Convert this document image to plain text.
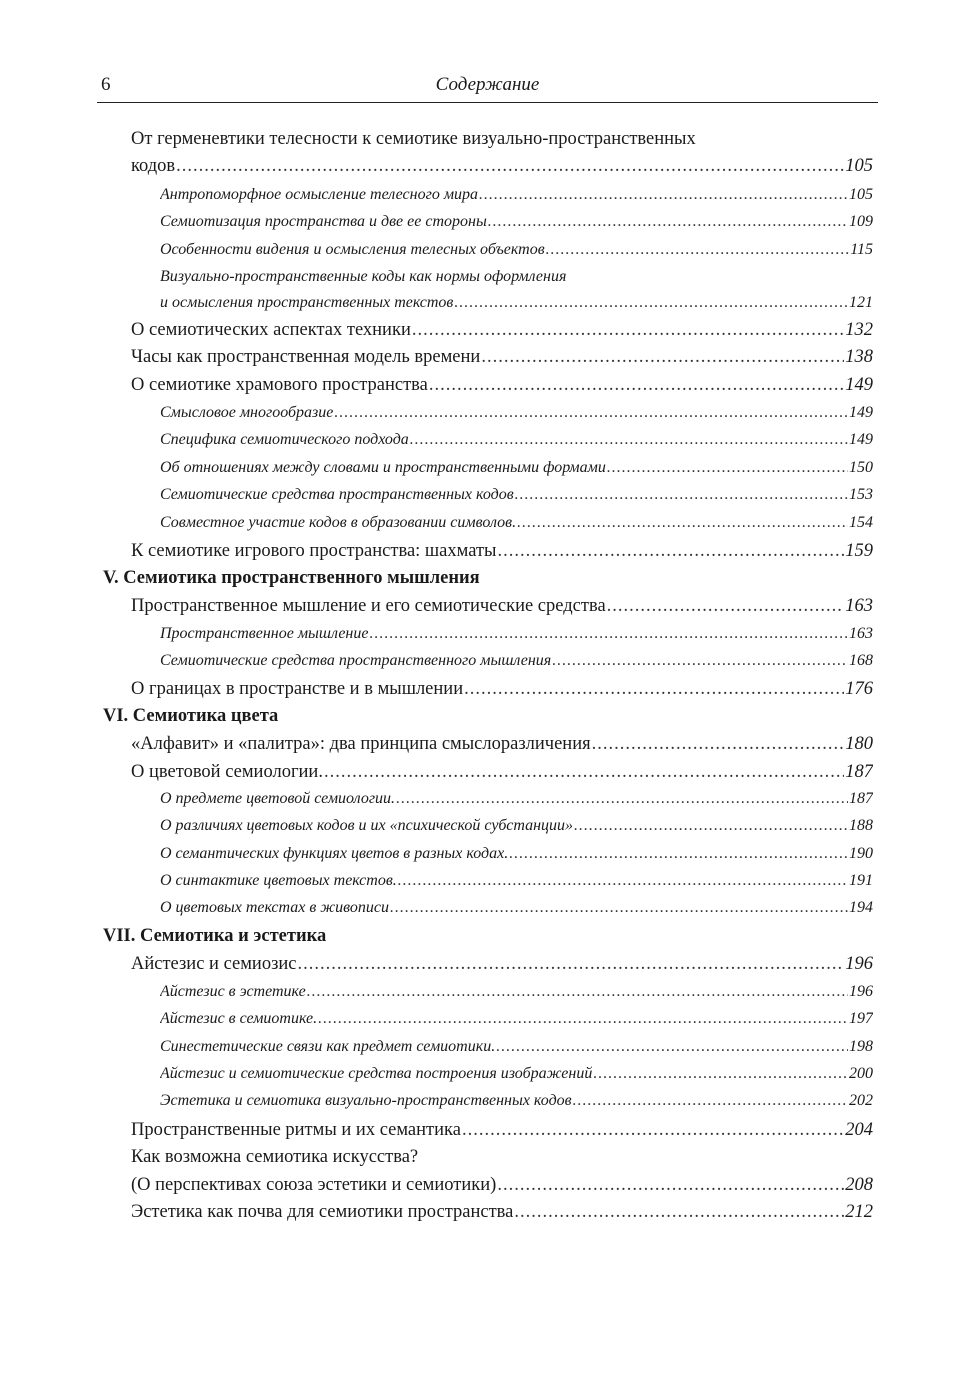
6	Содержание
От герменевтики телесности к семиотике визуально-пространственных
кодов .....	105
Антропоморфное осмысление телесного мира .....	105
Семиотизация пространства и две ее стороны .....	109
Особенности видения и осмысления телесных объектов .....	115
Визуально-пространственные коды как нормы оформления
и осмысления пространственных текстов .....	121
О семиотических аспектах техники .....	132
Часы как пространственная модель времени .....	138
О семиотике храмового пространства .....	149
Смысловое многообразие .....	149
Специфика семиотического подхода .....	149
Об отношениях между словами и пространственными формами .....	150
Семиотические средства пространственных кодов .....	153
Совместное участие кодов в образовании символов. .....	154
К семиотике игрового пространства: шахматы .....	159
V. Семиотика пространственного мышления
Пространственное мышление и его семиотические средства .....	163
Пространственное мышление .....	163
Семиотические средства пространственного мышления .....	168
О границах в пространстве и в мышлении .....	176
VI. Семиотика цвета
«Алфавит» и «палитра»: два принципа смыслоразличения .....	180
О цветовой семиологии. .....	187
О предмете цветовой семиологии. .....	187
О различиях цветовых кодов и их «психической субстанции» .....	188
О семантических функциях цветов в разных кодах. .....	190
О синтактике цветовых текстов. .....	191
О цветовых текстах в живописи .....	194
VII. Семиотика и эстетика
Айстезис и семиозис .....	196
Айстезис в эстетике .....	196
Айстезис в семиотике. .....	197
Синестетические связи как предмет семиотики. .....	198
Айстезис и семиотические средства построения изображений .....	200
Эстетика и семиотика визуально-пространственных кодов .....	202
Пространственные ритмы и их семантика .....	204
Как возможна семиотика искусства?
(О перспективах союза эстетики и семиотики) .....	208
Эстетика как почва для семиотики пространства .....	212
